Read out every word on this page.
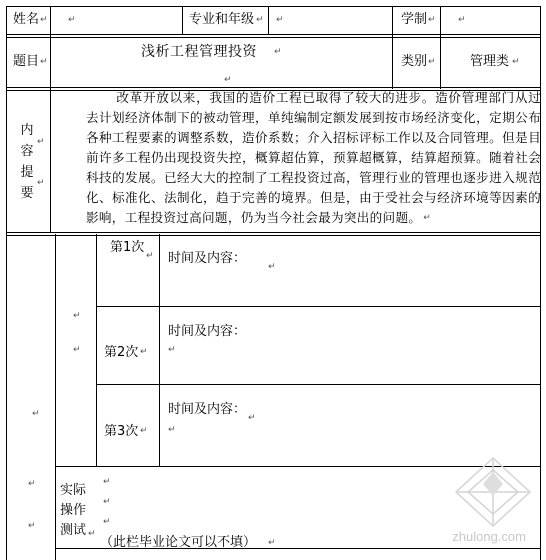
姓名 ↵ ↵	专业和年级 ↵ ↵	学制 ↵ ↵
题目 ↵
浅析工程管理投资 ↵
↵
类别 ↵	管理类 ↵
内容提要
↵
↵
改革开放以来，我国的造价工程已取得了较大的进步。造价管理部门从过去计划经济体制下的被动管理，单纯编制定额发展到按市场经济变化，定期公布各种工程要素的调整系数，造价系数；介入招标评标工作以及合同管理。但是目前许多工程仍出现投资失控，概算超估算，预算超概算，结算超预算。随着社会科技的发展。已经大大的控制了工程投资过高，管理行业的管理也逐步进入规范化、标准化、法制化，趋于完善的境界。但是，由于受社会与经济环境等因素的影响，工程投资过高问题，仍为当今社会最为突出的问题。 ↵
↵
↵
↵
↵
↵
第1次
↵ 时间及内容：
↵
第2次 ↵
时间及内容：
↵
第3次 ↵
时间及内容：
↵
↵
实际操作测试 ↵
↵
↵
↵
（此栏毕业论文可以不填） ↵	zhulong.com
